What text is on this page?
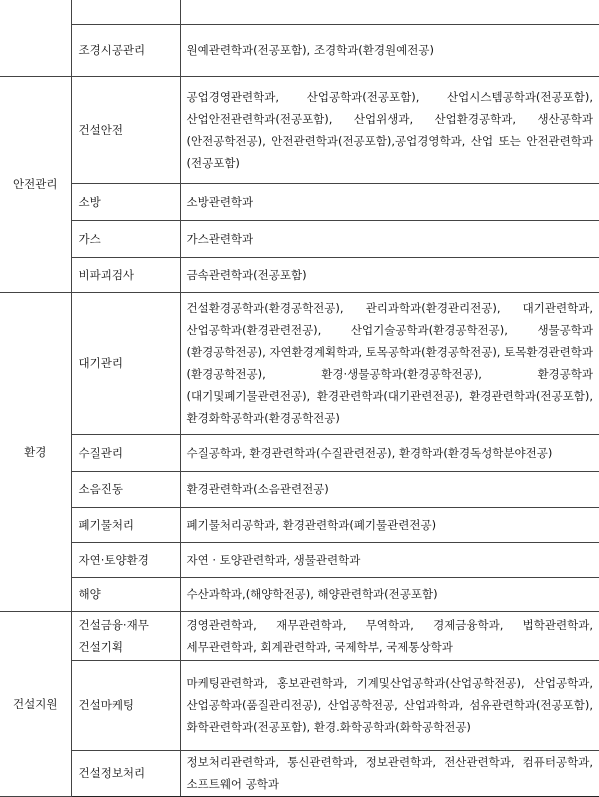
	조경시공관리	원예관련학과(전공포함), 조경학과(환경원예전공)
안전관리	건설안전	공업경영관련학과, 산업공학과(전공포함), 산업시스템공학과(전공포함), 산업안전관련학과(전공포함), 산업위생과, 산업환경공학과, 생산공학과(안전공학전공), 안전관련학과(전공포함),공업경영학과, 산업 또는 안전관련학과(전공포함)
	소방	소방관련학과
	가스	가스관련학과
	비파괴검사	금속관련학과(전공포함)
환경	대기관리	건설환경공학과(환경공학전공), 관리과학과(환경관리전공), 대기관련학과, 산업공학과(환경관련전공), 산업기술공학과(환경공학전공), 생물공학과(환경공학전공), 자연환경계획학과, 토목공학과(환경공학전공), 토목환경관련학과(환경공학전공), 환경·생물공학과(환경공학전공), 환경공학과(대기및폐기물관련전공), 환경관련학과(대기관련전공), 환경관련학과(전공포함), 환경화학공학과(환경공학전공)
	수질관리	수질공학과, 환경관련학과(수질관련전공), 환경학과(환경독성학분야전공)
	소음진동	환경관련학과(소음관련전공)
	폐기물처리	폐기물처리공학과, 환경관련학과(폐기물관련전공)
	자연·토양환경	자연 · 토양관련학과, 생물관련학과
	해양	수산과학과,(해양학전공), 해양관련학과(전공포함)
건설지원	건설금융·재무 건설기획	경영관련학과, 재무관련학과, 무역학과, 경제금융학과, 법학관련학과, 세무관련학과, 회계관련학과, 국제학부, 국제통상학과
	건설마케팅	마케팅관련학과, 홍보관련학과, 기계및산업공학과(산업공학전공), 산업공학과, 산업공학과(품질관리전공), 산업공학전공, 산업과학과, 섬유관련학과(전공포함), 화학관련학과(전공포함), 환경.화학공학과(화학공학전공)
	건설정보처리	정보처리관련학과, 통신관련학과, 정보관련학과, 전산관련학과, 컴퓨터공학과, 소프트웨어 공학과
